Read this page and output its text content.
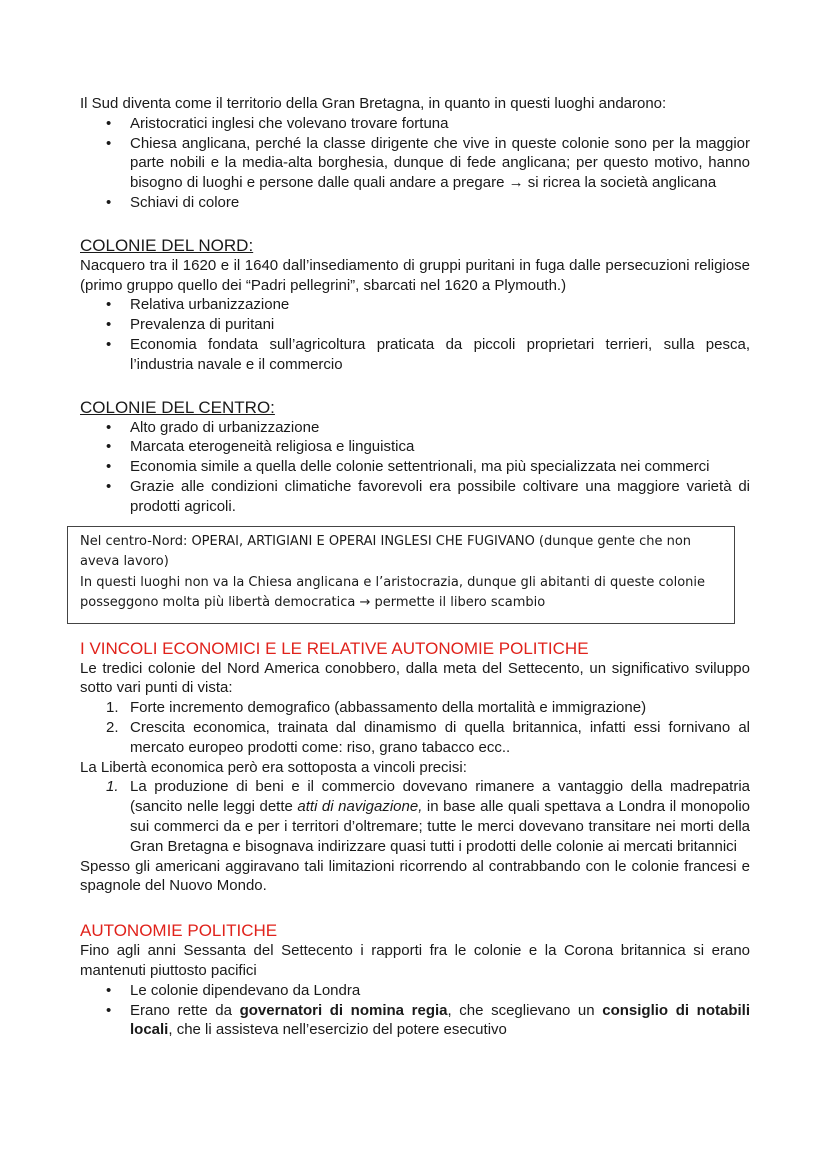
Il Sud diventa come il territorio della Gran Bretagna, in quanto in questi luoghi andarono:

• Aristocratici inglesi che volevano trovare fortuna
• Chiesa anglicana, perché la classe dirigente che vive in queste colonie sono per la maggior parte nobili e la media-alta borghesia, dunque di fede anglicana; per questo motivo, hanno bisogno di luoghi e persone dalle quali andare a pregare → si ricrea la società anglicana
• Schiavi di colore

COLONIE DEL NORD:

Nacquero tra il 1620 e il 1640 dall’insediamento di gruppi puritani in fuga dalle persecuzioni religiose (primo gruppo quello dei “Padri pellegrini”, sbarcati nel 1620 a Plymouth.)

• Relativa urbanizzazione
• Prevalenza di puritani
• Economia fondata sull’agricoltura praticata da piccoli proprietari terrieri, sulla pesca, l’industria navale e il commercio

COLONIE DEL CENTRO:

• Alto grado di urbanizzazione
• Marcata eterogeneità religiosa e linguistica
• Economia simile a quella delle colonie settentrionali, ma più specializzata nei commerci
• Grazie alle condizioni climatiche favorevoli era possibile coltivare una maggiore varietà di prodotti agricoli.

Nel centro-Nord: OPERAI, ARTIGIANI E OPERAI INGLESI CHE FUGIVANO (dunque gente che non aveva lavoro)

In questi luoghi non va la Chiesa anglicana e l’aristocrazia, dunque gli abitanti di queste colonie posseggono molta più libertà democratica → permette il libero scambio

I VINCOLI ECONOMICI E LE RELATIVE AUTONOMIE POLITICHE

Le tredici colonie del Nord America conobbero, dalla meta del Settecento, un significativo sviluppo sotto vari punti di vista:

1. Forte incremento demografico (abbassamento della mortalità e immigrazione)
2. Crescita economica, trainata dal dinamismo di quella britannica, infatti essi fornivano al mercato europeo prodotti come: riso, grano tabacco ecc..

La Libertà economica però era sottoposta a vincoli precisi:

1. La produzione di beni e il commercio dovevano rimanere a vantaggio della madrepatria (sancito nelle leggi dette atti di navigazione, in base alle quali spettava a Londra il monopolio sui commerci da e per i territori d’oltremare; tutte le merci dovevano transitare nei morti della Gran Bretagna e bisognava indirizzare quasi tutti i prodotti delle colonie ai mercati britannici

Spesso gli americani aggiravano tali limitazioni ricorrendo al contrabbando con le colonie francesi e spagnole del Nuovo Mondo.

AUTONOMIE POLITICHE

Fino agli anni Sessanta del Settecento i rapporti fra le colonie e la Corona britannica si erano mantenuti piuttosto pacifici

• Le colonie dipendevano da Londra
• Erano rette da governatori di nomina regia, che sceglievano un consiglio di notabili locali, che li assisteva nell’esercizio del potere esecutivo
